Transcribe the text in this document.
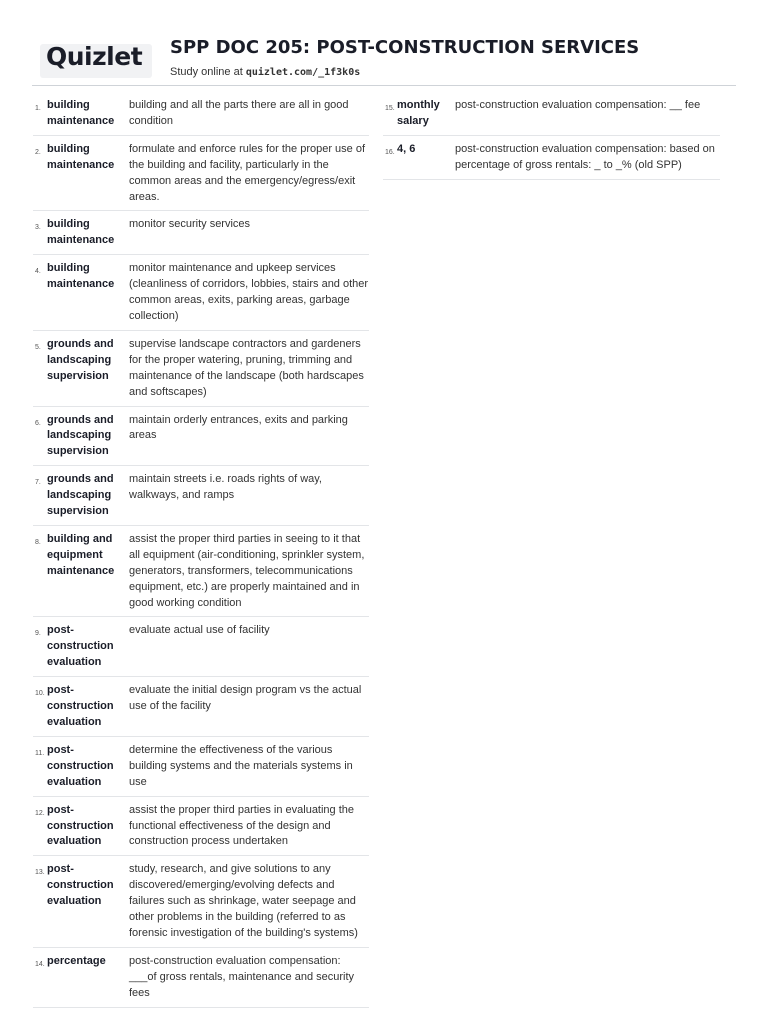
Quizlet SPP DOC 205: POST-CONSTRUCTION SERVICES
Study online at quizlet.com/_1f3k0s
1. building maintenance
building and all the parts there are all in good condition
2. building maintenance
formulate and enforce rules for the proper use of the building and facility, particularly in the common areas and the emergency/egress/exit areas.
3. building maintenance
monitor security services
4. building maintenance
monitor maintenance and upkeep services (cleanliness of corridors, lobbies, stairs and other common areas, exits, parking areas, garbage collection)
5. grounds and landscaping supervision
supervise landscape contractors and gardeners for the proper watering, pruning, trimming and maintenance of the landscape (both hardscapes and softscapes)
6. grounds and landscaping supervision
maintain orderly entrances, exits and parking areas
7. grounds and landscaping supervision
maintain streets i.e. roads rights of way, walkways, and ramps
8. building and equipment maintenance
assist the proper third parties in seeing to it that all equipment (air-conditioning, sprinkler system, generators, transformers, telecommunications equipment, etc.) are properly maintained and in good working condition
9. post-construction evaluation
evaluate actual use of facility
10. post-construction evaluation
evaluate the initial design program vs the actual use of the facility
11. post-construction evaluation
determine the effectiveness of the various building systems and the materials systems in use
12. post-construction evaluation
assist the proper third parties in evaluating the functional effectiveness of the design and construction process undertaken
13. post-construction evaluation
study, research, and give solutions to any discovered/emerging/evolving defects and failures such as shrinkage, water seepage and other problems in the building (referred to as forensic investigation of the building's systems)
14. percentage	post-construction evaluation compensation: ___of gross rentals, maintenance and security fees
15. monthly salary
post-construction evaluation compensation: __ fee
16. 4, 6	post-construction evaluation compensation: based on percentage of gross rentals: _ to _% (old SPP)
